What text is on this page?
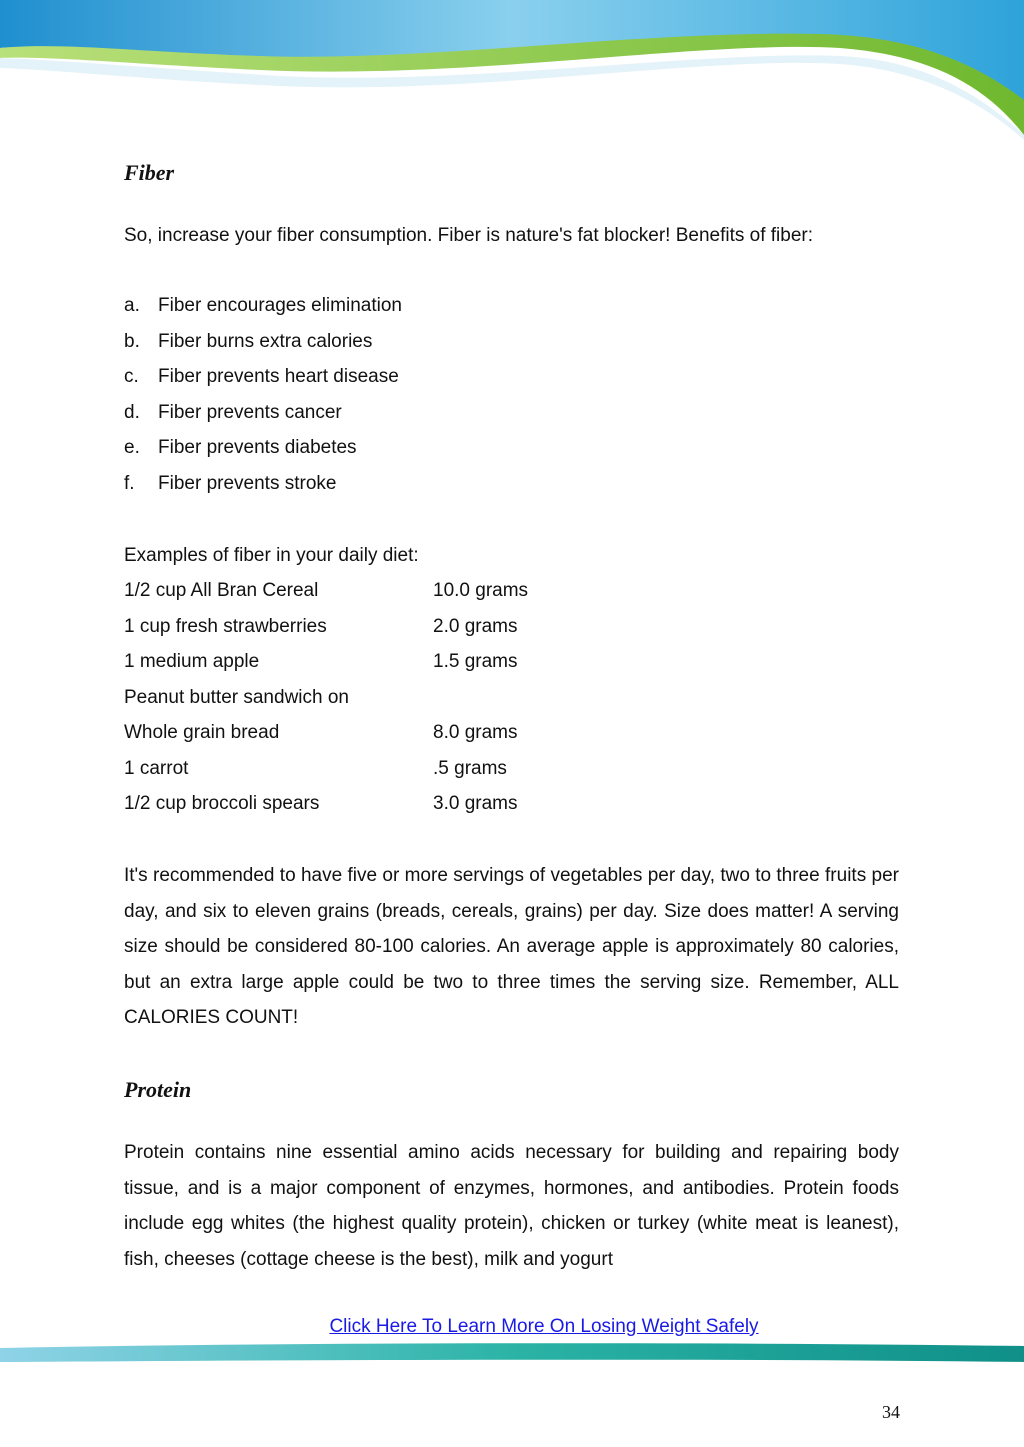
Fiber
So, increase your fiber consumption. Fiber is nature's fat blocker! Benefits of fiber:
a. Fiber encourages elimination
b. Fiber burns extra calories
c. Fiber prevents heart disease
d. Fiber prevents cancer
e. Fiber prevents diabetes
f. Fiber prevents stroke
Examples of fiber in your daily diet:
1/2 cup All Bran Cereal	10.0 grams
1 cup fresh strawberries	2.0 grams
1 medium apple	1.5 grams
Peanut butter sandwich on
Whole grain bread	8.0 grams
1 carrot	.5 grams
1/2 cup broccoli spears	3.0 grams

It's recommended to have five or more servings of vegetables per day, two to three fruits per day, and six to eleven grains (breads, cereals, grains) per day. Size does matter! A serving size should be considered 80-100 calories. An average apple is approximately 80 calories, but an extra large apple could be two to three times the serving size. Remember, ALL CALORIES COUNT!

Protein

Protein contains nine essential amino acids necessary for building and repairing body tissue, and is a major component of enzymes, hormones, and antibodies. Protein foods include egg whites (the highest quality protein), chicken or turkey (white meat is leanest), fish, cheeses (cottage cheese is the best), milk and yogurt

Click Here To Learn More On Losing Weight Safely
34
